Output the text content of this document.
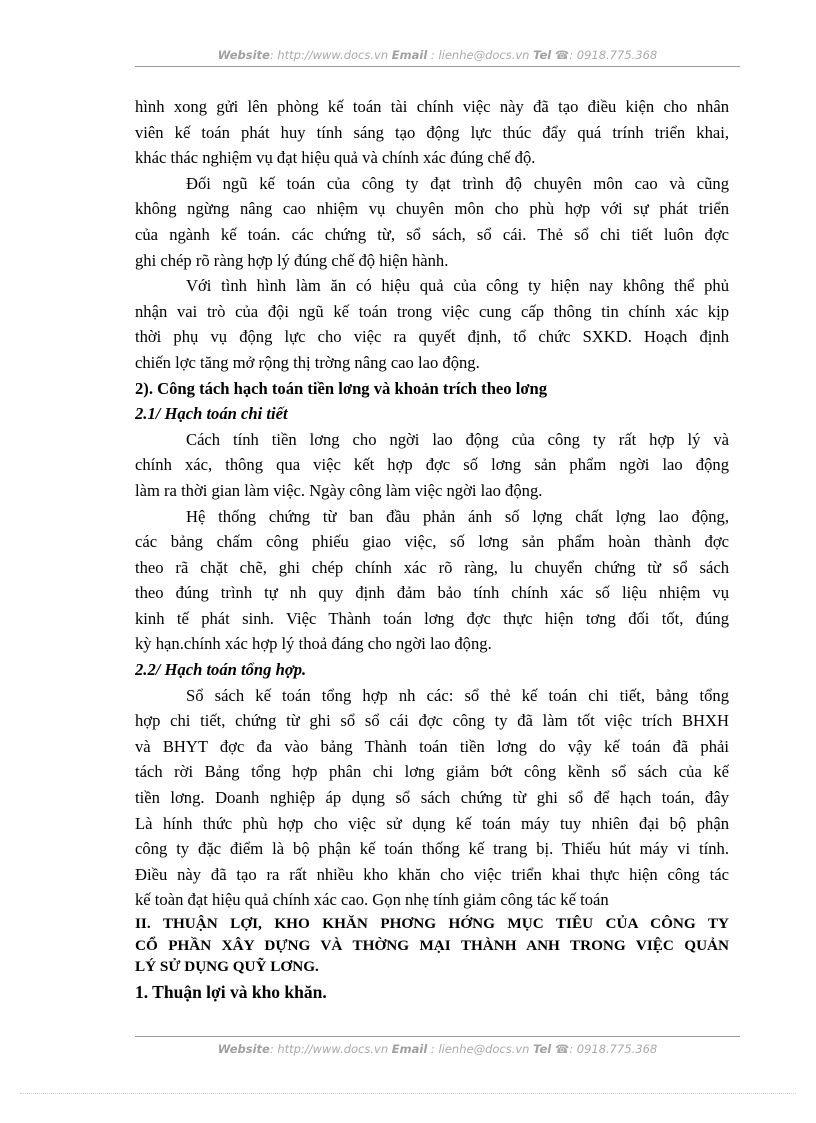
Website: http://www.docs.vn Email : lienhe@docs.vn Tel ☎: 0918.775.368
hình xong gửi lên phòng kế toán tài chính việc này đã tạo điều kiện cho nhân
viên kế toán phát huy tính sáng tạo động lực thúc đẩy quá trính triển khai,
khác thác nghiệm vụ đạt hiệu quả và chính xác đúng chế độ.
Đối ngũ kế toán của công ty đạt trình độ chuyên môn cao và cũng
không ngừng nâng cao nhiệm vụ chuyên môn cho phù hợp với sự phát triển
của ngành kế toán. các chứng từ, sổ sách, sổ cái. Thẻ sổ chi tiết luôn đợc
ghi chép rõ ràng hợp lý đúng chế độ hiện hành.
Với tình hình làm ăn có hiệu quả của công ty hiện nay không thể phủ
nhận vai trò của đội ngũ kế toán trong việc cung cấp thông tin chính xác kịp
thời phụ vụ động lực cho việc ra quyết định, tổ chức SXKD. Hoạch định
chiến lợc tăng mở rộng thị trờng nâng cao lao động.
2). Công tách hạch toán tiền lơng và khoản trích theo lơng
2.1/ Hạch toán chi tiết
Cách tính tiền lơng cho ngời lao động của công ty rất hợp lý và
chính xác, thông qua việc kết hợp đợc số lơng sản phẩm ngời lao động
làm ra thời gian làm việc. Ngày công làm việc ngời lao động.
Hệ thống chứng từ ban đầu phản ánh số lợng chất lợng lao động,
các bảng chấm công phiếu giao việc, số lơng sản phẩm hoàn thành đợc
theo rã chặt chẽ, ghi chép chính xác rõ ràng, lu chuyển chứng từ sổ sách
theo đúng trình tự nh quy định đảm bảo tính chính xác số liệu nhiệm vụ
kinh tế phát sinh. Việc Thành toán lơng đợc thực hiện tơng đối tốt, đúng
kỳ hạn.chính xác hợp lý thoả đáng cho ngời lao động.
2.2/ Hạch toán tổng hợp.
Sổ sách kế toán tổng hợp nh các: sổ thẻ kế toán chi tiết, bảng tổng
hợp chi tiết, chứng từ ghi sổ sổ cái đợc công ty đã làm tốt việc trích BHXH
và BHYT đợc đa vào bảng Thành toán tiền lơng do vậy kế toán đã phải
tách rời Bảng tổng hợp phân chi lơng giảm bớt công kềnh sổ sách của kế
tiền lơng. Doanh nghiệp áp dụng sổ sách chứng từ ghi sổ để hạch toán, đây
Là hính thức phù hợp cho việc sử dụng kế toán máy tuy nhiên đại bộ phận
công ty đặc điểm là bộ phận kế toán thống kế trang bị. Thiếu hút máy vi tính.
Điều này đã tạo ra rất nhiều kho khăn cho việc triển khai thực hiện công tác
kế toàn đạt hiệu quả chính xác cao. Gọn nhẹ tính giảm công tác kế toán
II. THUẬN LỢI, KHO KHĂN PHƠNG HỚNG MỤC TIÊU CỦA CÔNG TY
CỔ PHẦN XÂY DỰNG VÀ THỜNG MẠI THÀNH ANH TRONG VIỆC QUẢN
LÝ SỬ DỤNG QUỸ LƠNG.
1. Thuận lợi và kho khăn.
Website: http://www.docs.vn Email : lienhe@docs.vn Tel ☎: 0918.775.368
